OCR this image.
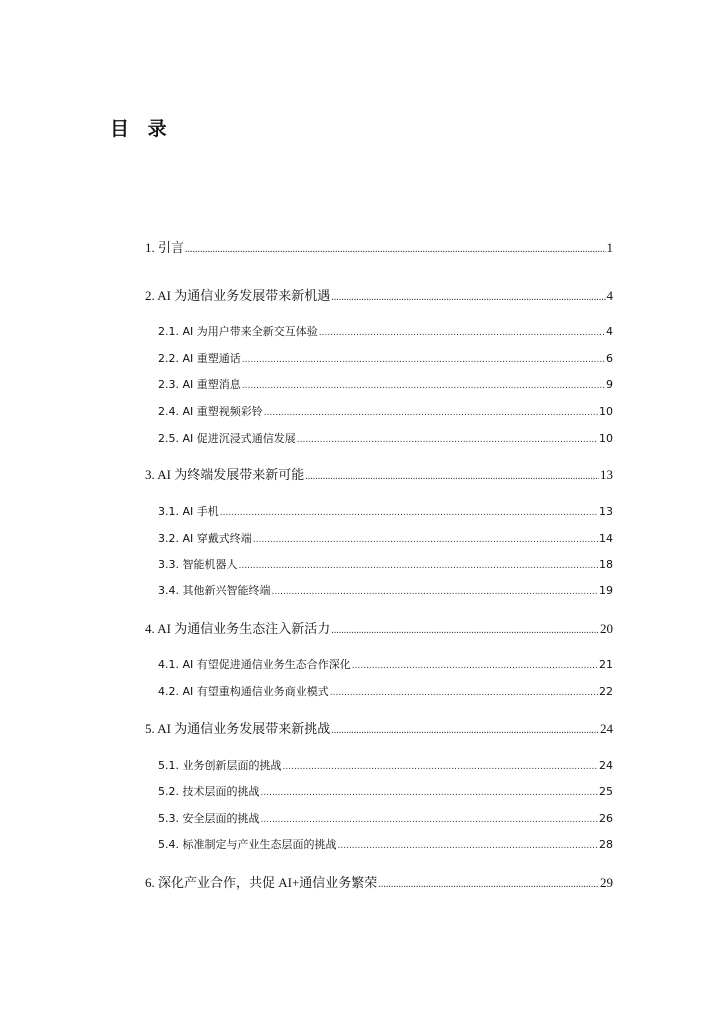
目 录
1. 引言 .....	1
2. AI 为通信业务发展带来新机遇 .....	4
2.1. AI 为用户带来全新交互体验 .....	4
2.2. AI 重塑通话 .....	6
2.3. AI 重塑消息 .....	9
2.4. AI 重塑视频彩铃 .....	10
2.5. AI 促进沉浸式通信发展 .....	10
3. AI 为终端发展带来新可能 .....	13
3.1. AI 手机 .....	13
3.2. AI 穿戴式终端 .....	14
3.3. 智能机器人 .....	18
3.4. 其他新兴智能终端 .....	19
4. AI 为通信业务生态注入新活力 .....	20
4.1. AI 有望促进通信业务生态合作深化 .....	21
4.2. AI 有望重构通信业务商业模式 .....	22
5. AI 为通信业务发展带来新挑战 .....	24
5.1. 业务创新层面的挑战 .....	24
5.2. 技术层面的挑战 .....	25
5.3. 安全层面的挑战 .....	26
5.4. 标准制定与产业生态层面的挑战 .....	28
6. 深化产业合作，共促 AI+通信业务繁荣 .....	29
